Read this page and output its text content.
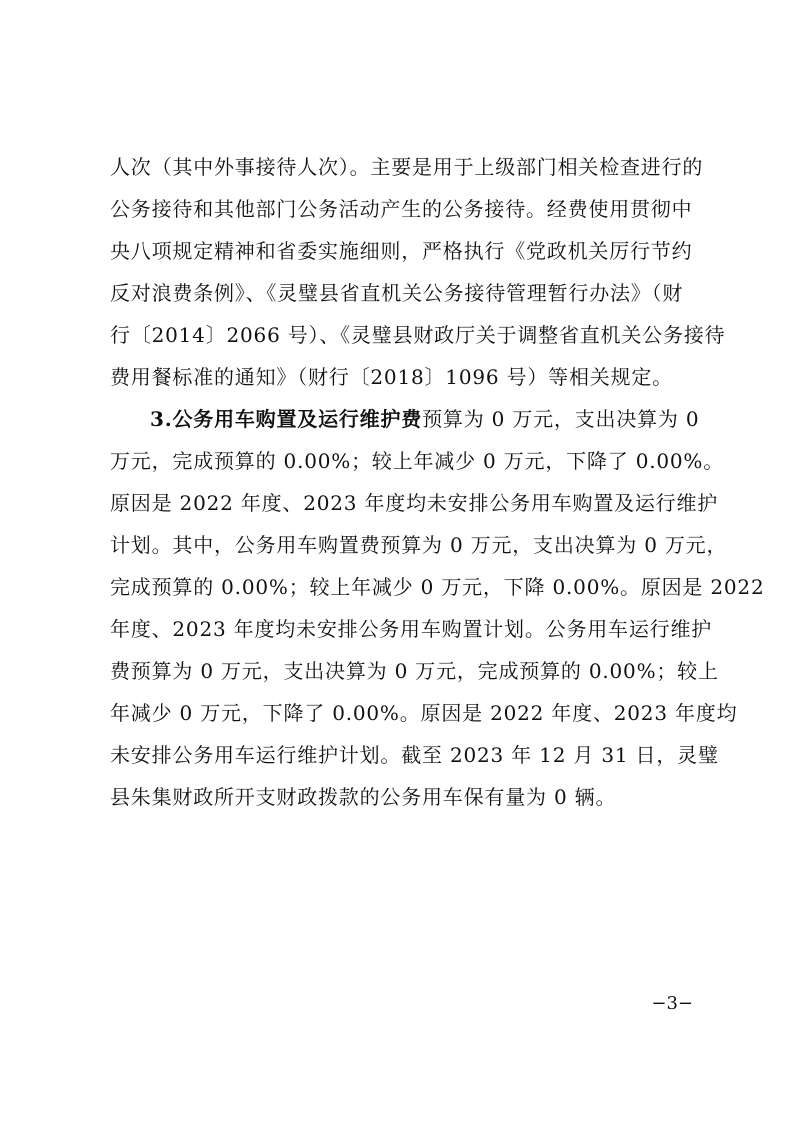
人次（其中外事接待人次）。主要是用于上级部门相关检查进行的
公务接待和其他部门公务活动产生的公务接待。经费使用贯彻中
央八项规定精神和省委实施细则，严格执行《党政机关厉行节约
反对浪费条例》、《灵璧县省直机关公务接待管理暂行办法》（财
行〔2014〕2066 号）、《灵璧县财政厅关于调整省直机关公务接待
费用餐标准的通知》（财行〔2018〕1096 号）等相关规定。
3.公务用车购置及运行维护费预算为 0 万元，支出决算为 0
万元，完成预算的 0.00%；较上年减少 0 万元，下降了 0.00%。
原因是 2022 年度、2023 年度均未安排公务用车购置及运行维护
计划。其中，公务用车购置费预算为 0 万元，支出决算为 0 万元，
完成预算的 0.00%；较上年减少 0 万元，下降 0.00%。原因是 2022
年度、2023 年度均未安排公务用车购置计划。公务用车运行维护
费预算为 0 万元，支出决算为 0 万元，完成预算的 0.00%；较上
年减少 0 万元，下降了 0.00%。原因是 2022 年度、2023 年度均
未安排公务用车运行维护计划。截至 2023 年 12 月 31 日，灵璧
县朱集财政所开支财政拨款的公务用车保有量为 0 辆。
−3−
